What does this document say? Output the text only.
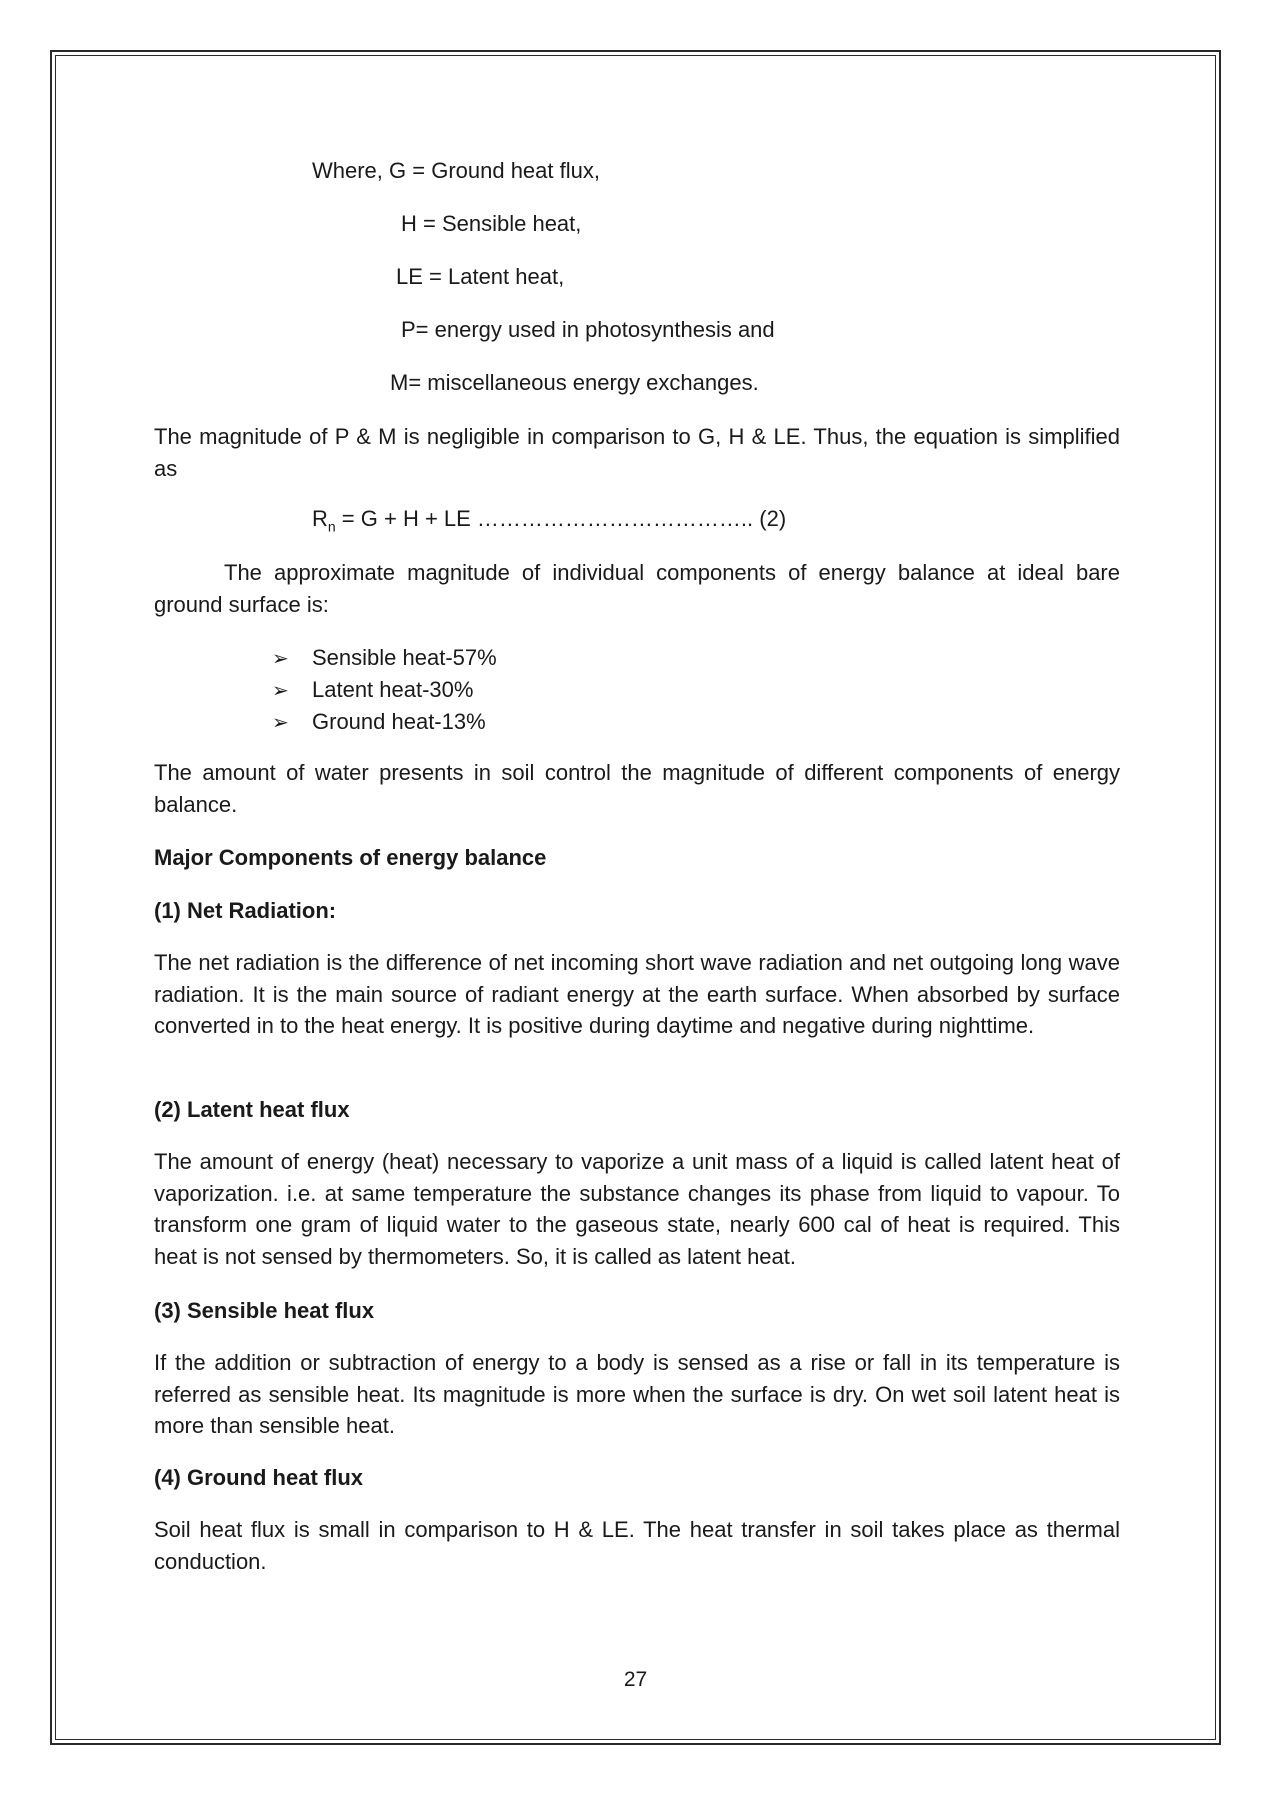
Where, G = Ground heat flux,
H = Sensible heat,
LE = Latent heat,
P= energy used in photosynthesis and
M= miscellaneous energy exchanges.
The magnitude of P & M is negligible in comparison to G, H & LE. Thus, the equation is simplified as
$R_n = G + H$ + LE ……………………………….. (2)
The approximate magnitude of individual components of energy balance at ideal bare ground surface is:
➢ Sensible heat-57%
➢ Latent heat-30%
➢ Ground heat-13%
The amount of water presents in soil control the magnitude of different components of energy balance.
Major Components of energy balance
(1) Net Radiation:
The net radiation is the difference of net incoming short wave radiation and net outgoing long wave radiation. It is the main source of radiant energy at the earth surface. When absorbed by surface converted in to the heat energy. It is positive during daytime and negative during nighttime.
(2) Latent heat flux
The amount of energy (heat) necessary to vaporize a unit mass of a liquid is called latent heat of vaporization. i.e. at same temperature the substance changes its phase from liquid to vapour. To transform one gram of liquid water to the gaseous state, nearly 600 cal of heat is required. This heat is not sensed by thermometers. So, it is called as latent heat.
(3) Sensible heat flux
If the addition or subtraction of energy to a body is sensed as a rise or fall in its temperature is referred as sensible heat. Its magnitude is more when the surface is dry. On wet soil latent heat is more than sensible heat.
(4) Ground heat flux
Soil heat flux is small in comparison to H & LE. The heat transfer in soil takes place as thermal conduction.
27
